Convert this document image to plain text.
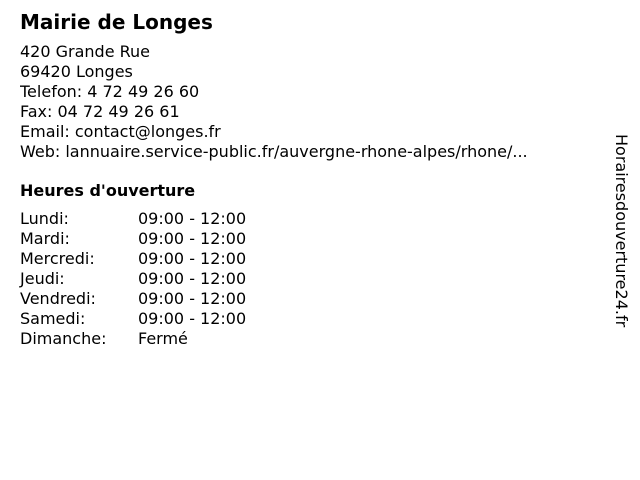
Mairie de Longes
420 Grande Rue
69420 Longes
Telefon: 4 72 49 26 60
Fax: 04 72 49 26 61
Email: contact@longes.fr
Web: lannuaire.service-public.fr/auvergne-rhone-alpes/rhone/...
Heures d'ouverture
Lundi:	09:00 - 12:00
Mardi:	09:00 - 12:00
Mercredi:	09:00 - 12:00
Jeudi:	09:00 - 12:00
Vendredi:	09:00 - 12:00
Samedi:	09:00 - 12:00
Dimanche:	Fermé
Horairesdouverture24.fr
